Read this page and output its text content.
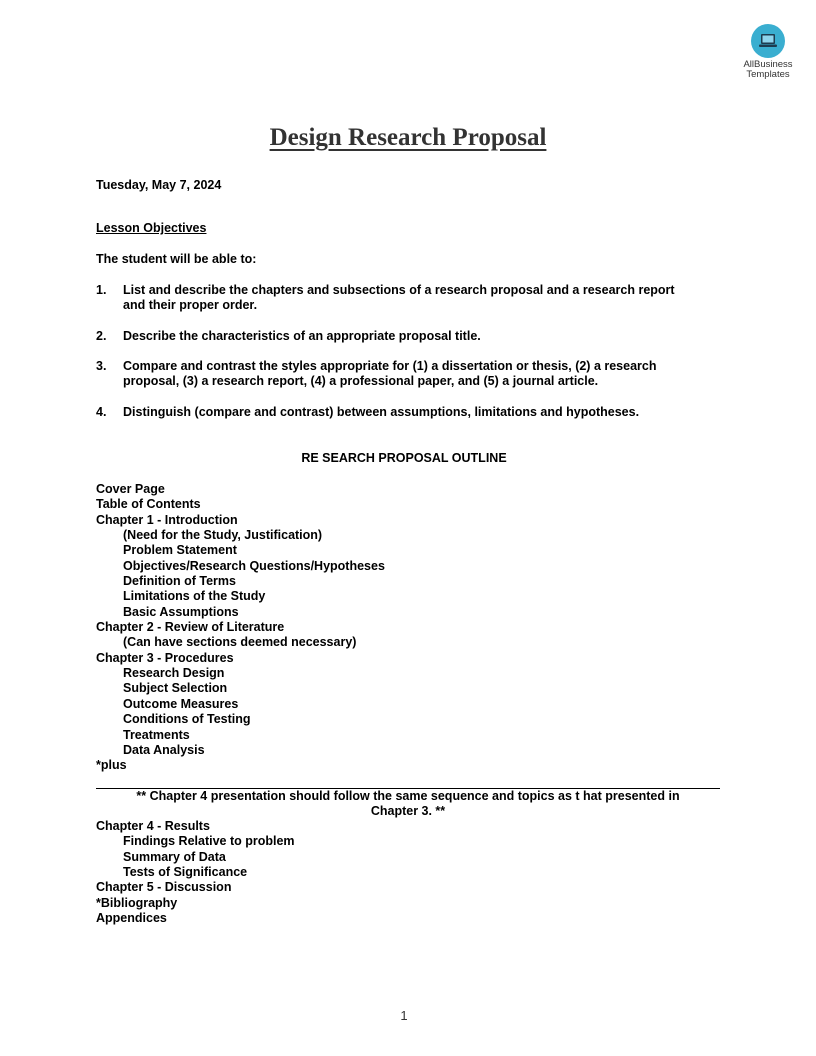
AllBusiness
Templates
Design Research Proposal
Tuesday, May 7, 2024
Lesson Objectives
The student will be able to:
1. List and describe the chapters and subsections of a research proposal and a research report
and their proper order.
2. Describe the characteristics of an appropriate proposal title.
3. Compare and contrast the styles appropriate for (1) a dissertation or thesis, (2) a research
proposal, (3) a research report, (4) a professional paper, and (5) a journal article.
4. Distinguish (compare and contrast) between assumptions, limitations and hypotheses.
RE SEARCH PROPOSAL OUTLINE
Cover Page
Table of Contents
Chapter 1 - Introduction
(Need for the Study, Justification)
Problem Statement
Objectives/Research Questions/Hypotheses
Definition of Terms
Limitations of the Study
Basic Assumptions
Chapter 2 - Review of Literature
(Can have sections deemed necessary)
Chapter 3 - Procedures
Research Design
Subject Selection
Outcome Measures
Conditions of Testing
Treatments
Data Analysis
*plus
** Chapter 4 presentation should follow the same sequence and topics as t hat presented in
Chapter 3. **
Chapter 4 - Results
Findings Relative to problem
Summary of Data
Tests of Significance
Chapter 5 - Discussion
*Bibliography
Appendices
1
